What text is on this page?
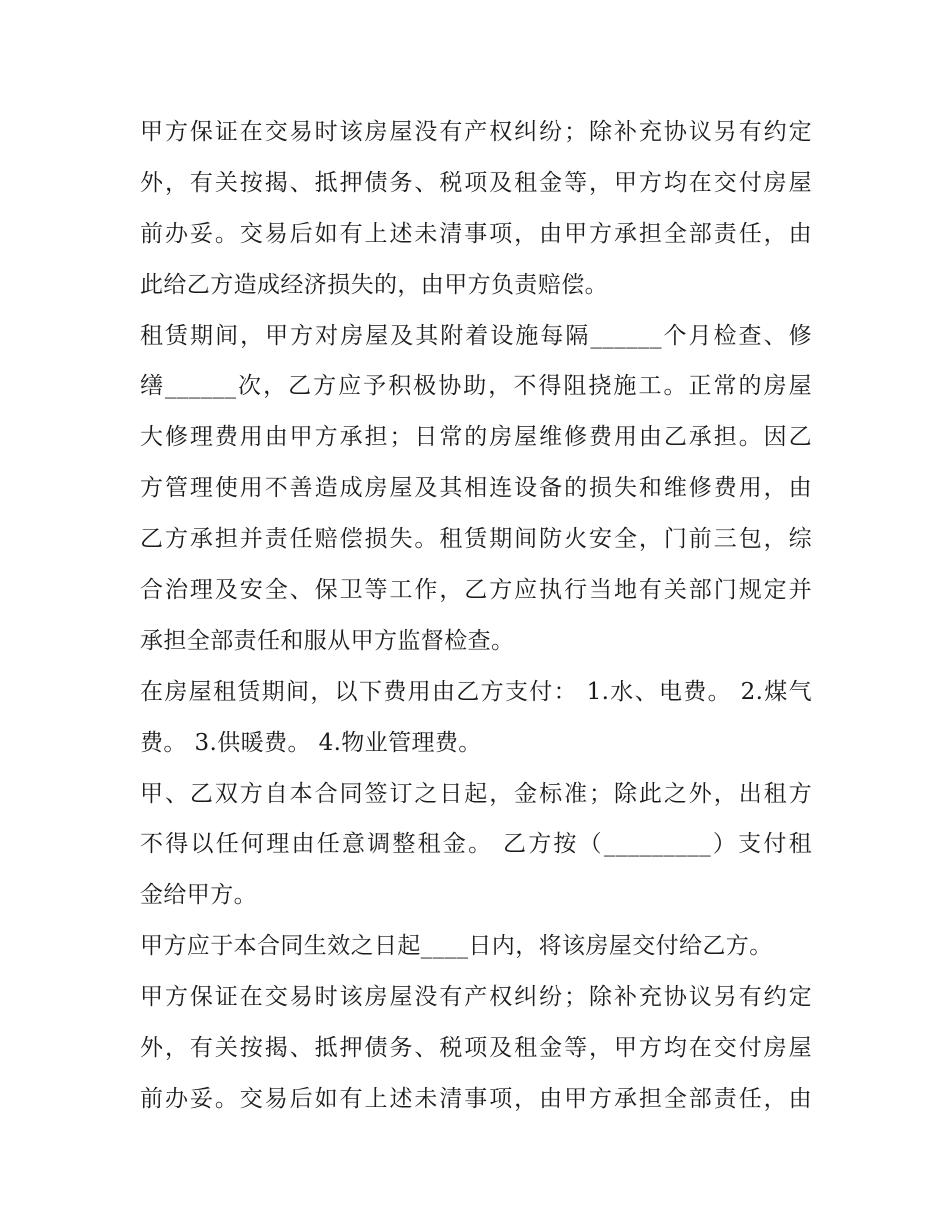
甲方保证在交易时该房屋没有产权纠纷；除补充协议另有约定
外，有关按揭、抵押债务、税项及租金等，甲方均在交付房屋
前办妥。交易后如有上述未清事项，由甲方承担全部责任，由
此给乙方造成经济损失的，由甲方负责赔偿。
租赁期间，甲方对房屋及其附着设施每隔______个月检查、修
缮______次，乙方应予积极协助，不得阻挠施工。正常的房屋
大修理费用由甲方承担；日常的房屋维修费用由乙承担。因乙
方管理使用不善造成房屋及其相连设备的损失和维修费用，由
乙方承担并责任赔偿损失。租赁期间防火安全，门前三包，综
合治理及安全、保卫等工作，乙方应执行当地有关部门规定并
承担全部责任和服从甲方监督检查。
在房屋租赁期间，以下费用由乙方支付： 1.水、电费。 2.煤气
费。 3.供暖费。 4.物业管理费。
甲、乙双方自本合同签订之日起，金标准；除此之外，出租方
不得以任何理由任意调整租金。 乙方按（_________）支付租
金给甲方。
甲方应于本合同生效之日起____日内，将该房屋交付给乙方。
甲方保证在交易时该房屋没有产权纠纷；除补充协议另有约定
外，有关按揭、抵押债务、税项及租金等，甲方均在交付房屋
前办妥。交易后如有上述未清事项，由甲方承担全部责任，由
